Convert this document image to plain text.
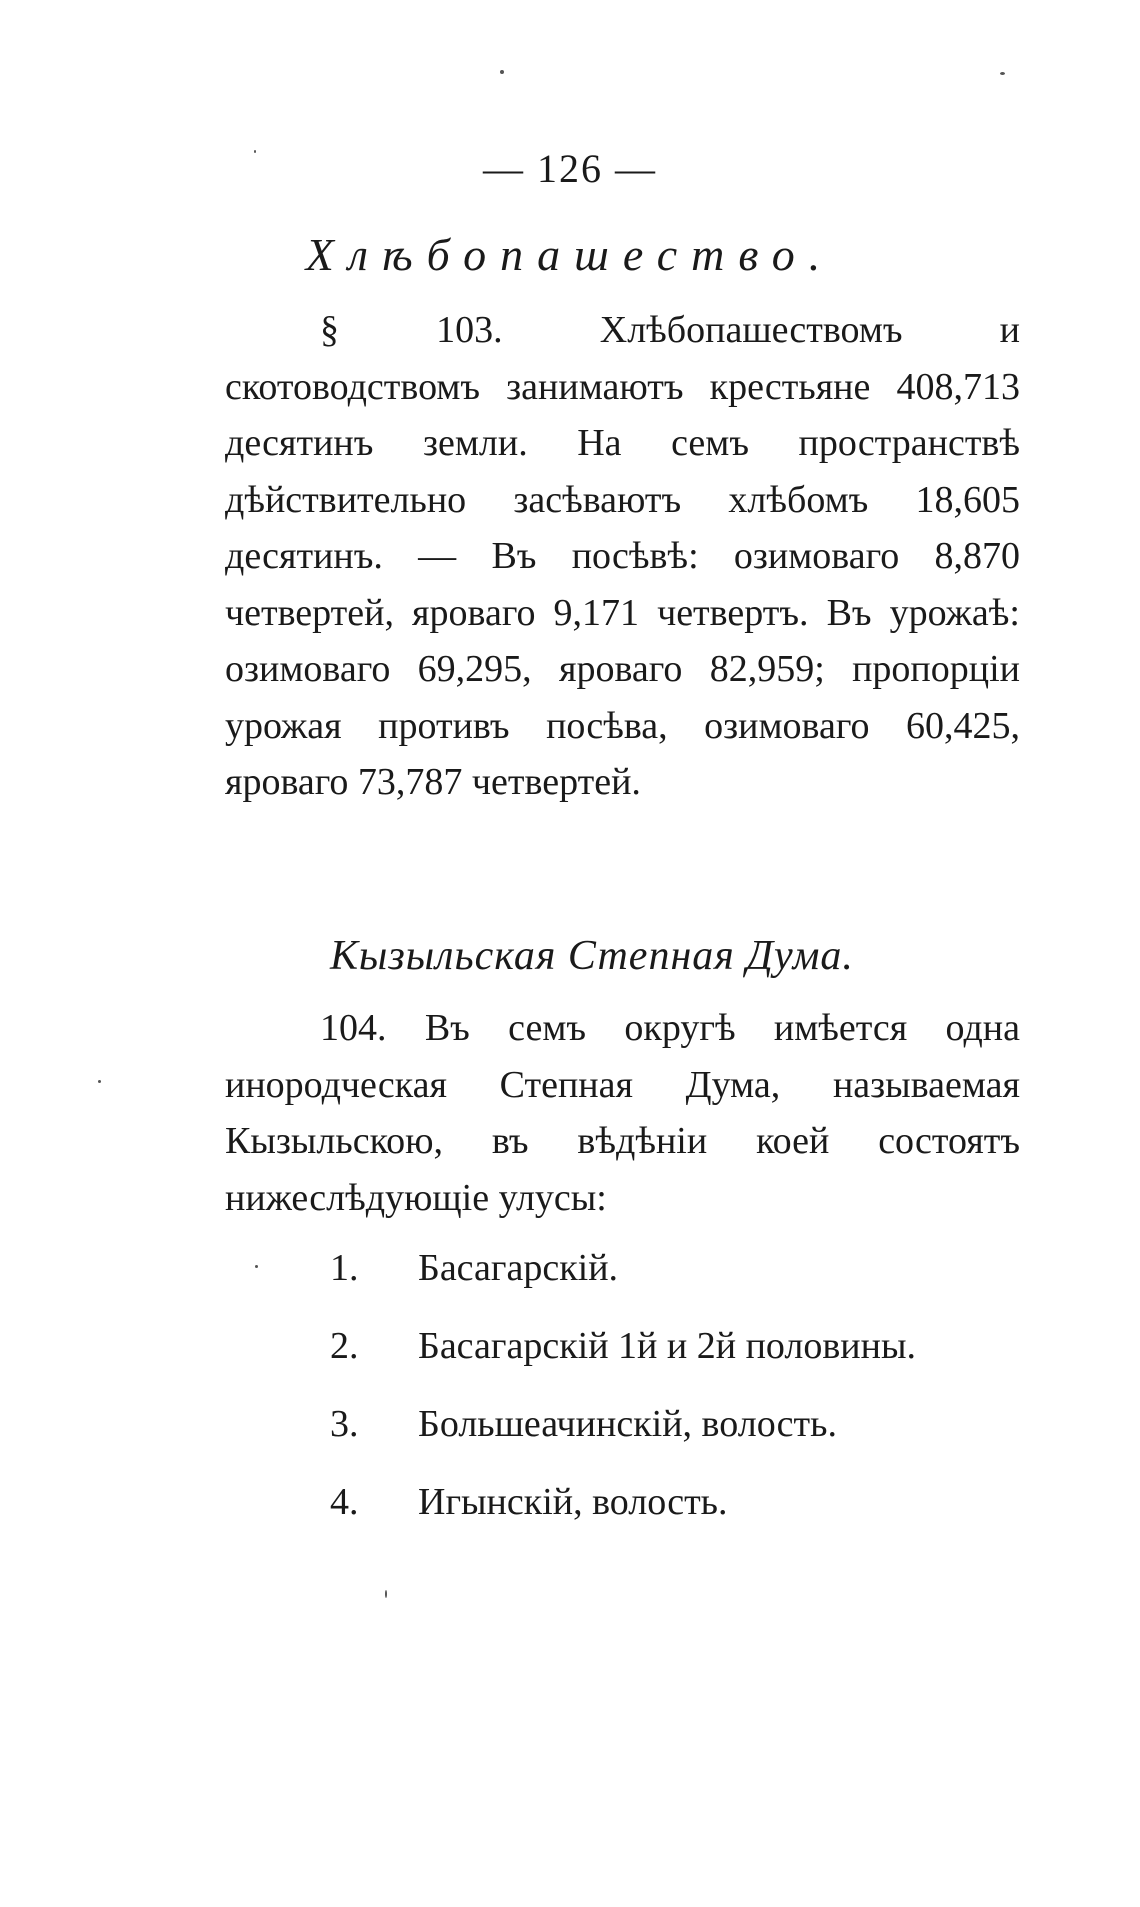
— 126 —
Хлѣбопашество.
§ 103. Хлѣбопашествомъ и скотоводствомъ занимаютъ крестьяне 408,713 десятинъ земли. На семъ пространствѣ дѣйствительно засѣваютъ хлѣбомъ 18,605 десятинъ. — Въ посѣвѣ: озимоваго 8,870 четвертей, яроваго 9,171 четвертъ. Въ урожаѣ: озимоваго 69,295, яроваго 82,959; пропорціи урожая противъ посѣва, озимоваго 60,425, яроваго 73,787 четвертей.
Кызыльская Степная Дума.
104. Въ семъ округѣ имѣется одна инородческая Степная Дума, называемая Кызыльскою, въ вѣдѣніи коей состоятъ нижеслѣдующіе улусы:
1.	Басагарскій.
2.	Басагарскій 1й и 2й половины.
3.	Большеачинскій, волость.
4.	Игынскій, волость.
